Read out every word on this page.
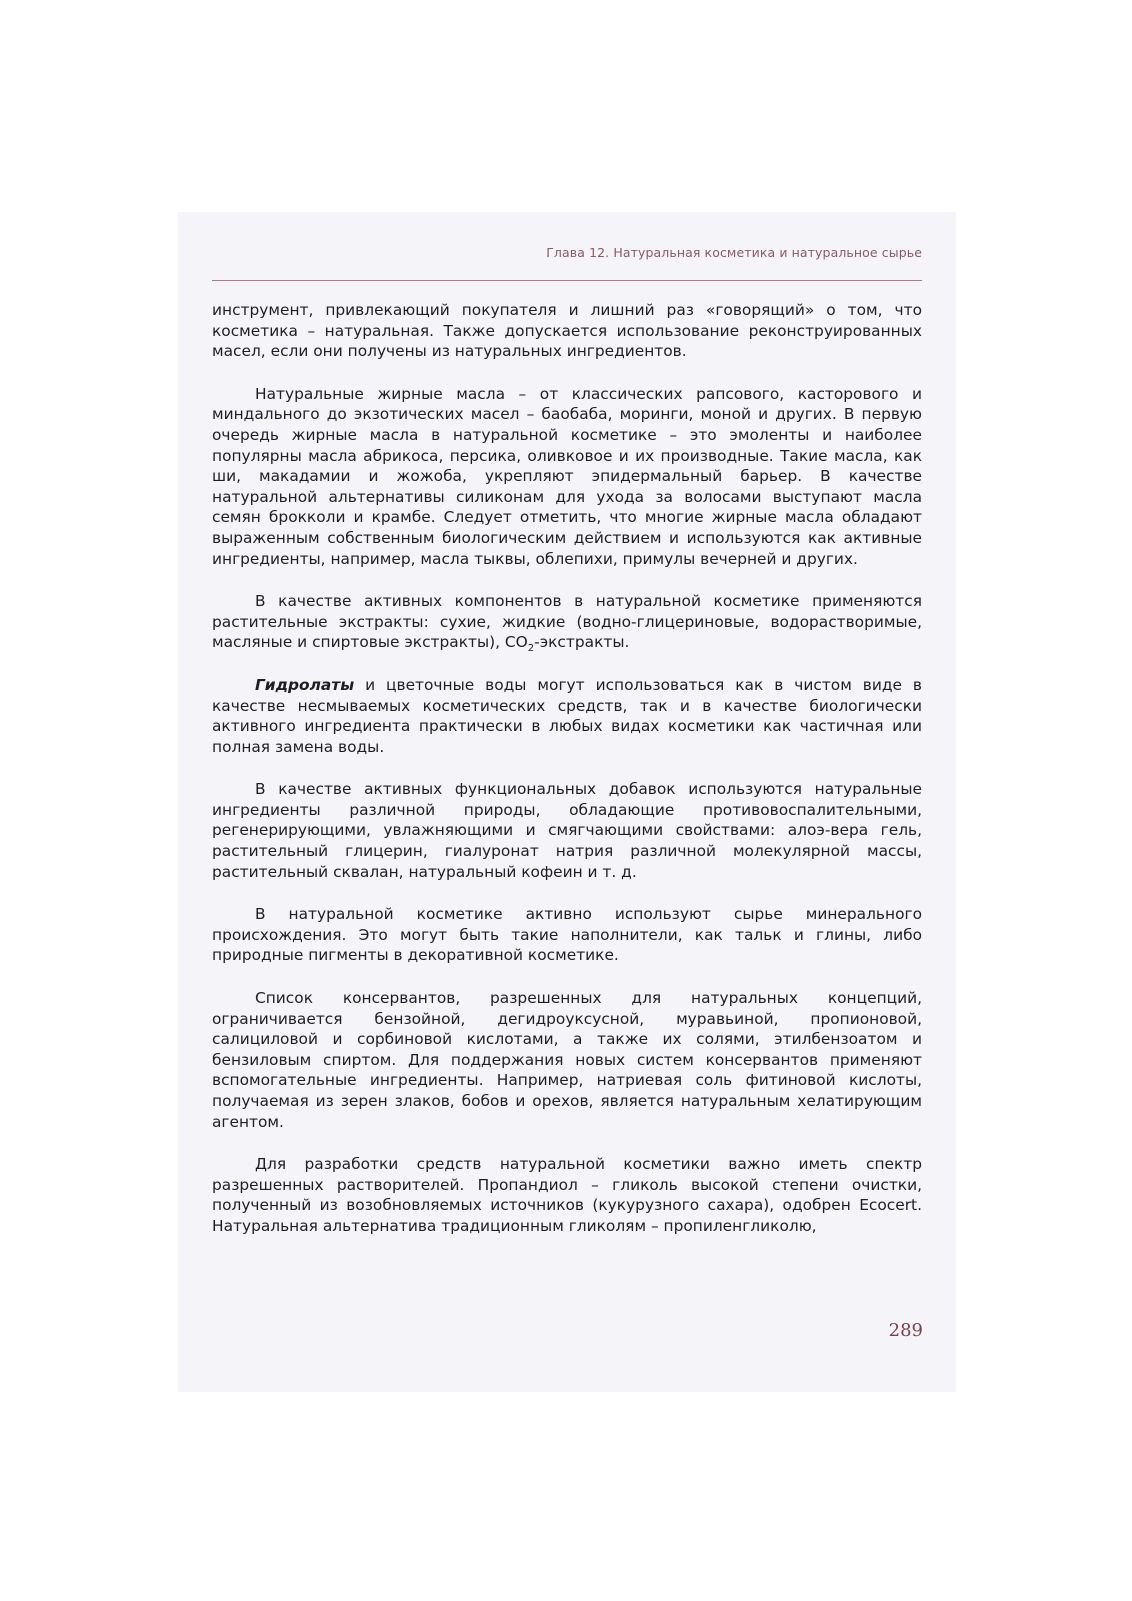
Глава 12. Натуральная косметика и натуральное сырье

инструмент, привлекающий покупателя и лишний раз «говорящий» о том, что космeтика – натуральная. Также допускается использование реконструированных масел, если они получены из натуральных ингредиентов.

Натуральные жирные масла – от классических рапсового, касторового и миндального до экзотических масел – баобаба, моринги, моной и других. В первую очередь жирные масла в натуральной косметике – это эмоленты и наиболее популярны масла абрикоса, персика, оливковое и их производные. Такие масла, как ши, макадамии и жожоба, укрепляют эпидермальный барьер. В качестве натуральной альтернативы силиконам для ухода за волосами выступают масла семян брокколи и крамбе. Следует отметить, что многие жирные масла обладают выраженным собственным биологическим действием и используются как активные ингредиенты, например, масла тыквы, облепихи, примулы вечерней и других.

В качестве активных компонентов в натуральной косметике применяются растительные экстракты: сухие, жидкие (водно-глицериновые, водорастворимые, масляные и спиртовые экстракты), $CO_2$-экстракты.

Гидролаты и цветочные воды могут использоваться как в чистом виде в качестве несмываемых косметических средств, так и в качестве биологически активного ингредиента практически в любых видах косметики как частичная или полная замена воды.

В качестве активных функциональных добавок используются натуральные ингредиенты различной природы, обладающие противовоспалительными, регенерирующими, увлажняющими и смягчающими свойствами: алоэ-вера гель, растительный глицерин, гиалуронат натрия различной молекулярной массы, растительный сквалан, натуральный кофеин и т. д.

В натуральной косметике активно используют сырье минерального происхождения. Это могут быть такие наполнители, как тальк и глины, либо природные пигменты в декоративной косметике.

Список консервантов, разрешенных для натуральных концепций, ограничивается бензойной, дегидроуксусной, муравьиной, пропионовой, салициловой и сорбиновой кислотами, а также их солями, этилбензоатом и бензиловым спиртом. Для поддержания новых систем консервантов применяют вспомогательные ингредиенты. Например, натриевая соль фитиновой кислоты, получаемая из зерен злаков, бобов и орехов, является натуральным хелатирующим агентом.

Для разработки средств натуральной косметики важно иметь спектр разрешенных растворителей. Пропандиол – гликоль высокой степени очистки, полученный из возобновляемых источников (кукурузного сахара), одобрен Ecocert. Натуральная альтернатива традиционным гликолям – пропиленгликолю,

289
